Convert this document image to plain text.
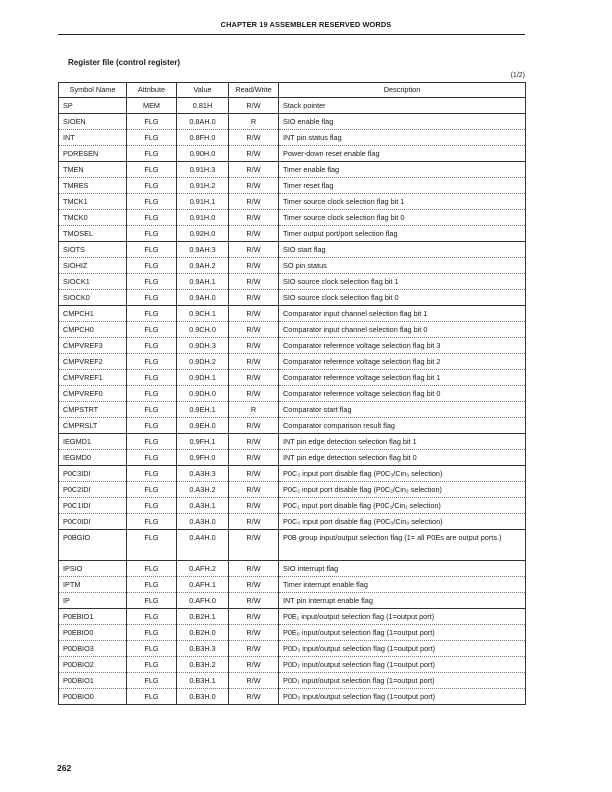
CHAPTER 19 ASSEMBLER RESERVED WORDS
Register file (control register)
(1/2)
Symbol Name	Attribute	Value	Read/Write	Description
SP	MEM	0.81H	R/W	Stack pointer
SIOEN	FLG	0.8AH.0	R	SIO enable flag
INT	FLG	0.8FH.0	R/W	INT pin status flag
PDRESEN	FLG	0.90H.0	R/W	Power-down reset enable flag
TMEN	FLG	0.91H.3	R/W	Timer enable flag
TMRES	FLG	0.91H.2	R/W	Timer reset flag
TMCK1	FLG	0.91H.1	R/W	Timer source clock selection flag bit 1
TMCK0	FLG	0.91H.0	R/W	Timer source clock selection flag bit 0
TMOSEL	FLG	0.92H.0	R/W	Timer output port/port selection flag
SIOTS	FLG	0.9AH.3	R/W	SIO start flag
SIOHIZ	FLG	0.9AH.2	R/W	SO pin status
SIOCK1	FLG	0.9AH.1	R/W	SIO source clock selection flag bit 1
SIOCK0	FLG	0.9AH.0	R/W	SIO source clock selection flag bit 0
CMPCH1	FLG	0.9CH.1	R/W	Comparator input channel selection flag bit 1
CMPCH0	FLG	0.9CH.0	R/W	Comparator input channel selection flag bit 0
CMPVREF3	FLG	0.9DH.3	R/W	Comparator reference voltage selection flag bit 3
CMPVREF2	FLG	0.9DH.2	R/W	Comparator reference voltage selection flag bit 2
CMPVREF1	FLG	0.9DH.1	R/W	Comparator reference voltage selection flag bit 1
CMPVREF0	FLG	0.9DH.0	R/W	Comparator reference voltage selection flag bit 0
CMPSTRT	FLG	0.9EH.1	R	Comparator start flag
CMPRSLT	FLG	0.9EH.0	R/W	Comparator comparison result flag
IEGMD1	FLG	0.9FH.1	R/W	INT pin edge detection selection flag bit 1
IEGMD0	FLG	0.9FH.0	R/W	INT pin edge detection selection flag bit 0
P0C3IDI	FLG	0.A3H.3	R/W	P0C₃ input port disable flag (P0C₃/Cin₃ selection)
P0C2IDI	FLG	0.A3H.2	R/W	P0C₂ input port disable flag (P0C₂/Cin₂ selection)
P0C1IDI	FLG	0.A3H.1	R/W	P0C₁ input port disable flag (P0C₁/Cin₁ selection)
P0C0IDI	FLG	0.A3H.0	R/W	P0C₀ input port disable flag (P0C₀/Cin₀ selection)
P0BGIO	FLG	0.A4H.0	R/W	P0B group input/output selection flag (1= all P0Es are output ports.)
IPSIO	FLG	0.AFH.2	R/W	SIO interrupt flag
IPTM	FLG	0.AFH.1	R/W	Timer interrupt enable flag
IP	FLG	0.AFH.0	R/W	INT pin interrupt enable flag
P0EBIO1	FLG	0.B2H.1	R/W	P0E₁ input/output selection flag (1=output port)
P0EBIO0	FLG	0.B2H.0	R/W	P0E₀ input/output selection flag (1=output port)
P0DBIO3	FLG	0.B3H.3	R/W	P0D₃ input/output selection flag (1=output port)
P0DBIO2	FLG	0.B3H.2	R/W	P0D₂ input/output selection flag (1=output port)
P0DBIO1	FLG	0.B3H.1	R/W	P0D₁ input/output selection flag (1=output port)
P0DBIO0	FLG	0.B3H.0	R/W	P0D₀ input/output selection flag (1=output port)
262
